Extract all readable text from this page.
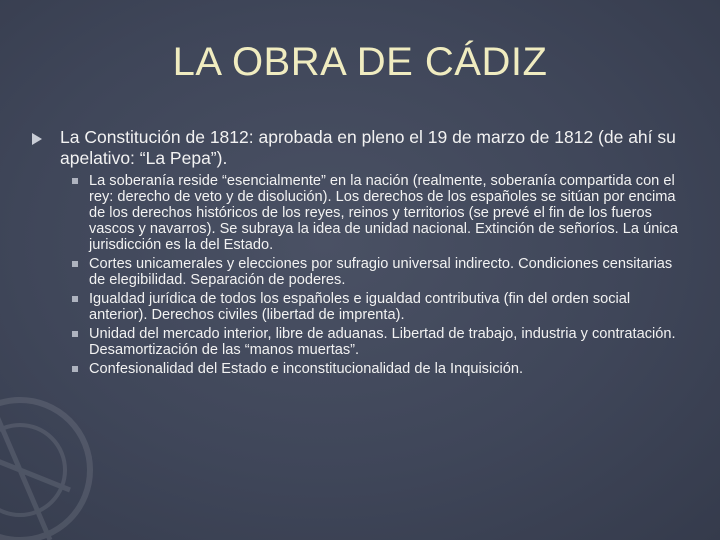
LA OBRA DE CÁDIZ
La Constitución de 1812: aprobada en pleno el 19 de marzo de 1812 (de ahí su apelativo: “La Pepa”).
La soberanía reside “esencialmente” en la nación (realmente, soberanía compartida con el rey: derecho de veto y de disolución). Los derechos de los españoles se sitúan por encima de los derechos históricos de los reyes, reinos y territorios (se prevé el fin de los fueros vascos y navarros). Se subraya la idea de unidad nacional. Extinción de señoríos. La única jurisdicción es la del Estado.
Cortes unicamerales y elecciones por sufragio universal indirecto. Condiciones censitarias de elegibilidad. Separación de poderes.
Igualdad jurídica de todos los españoles e igualdad contributiva (fin del orden social anterior). Derechos civiles (libertad de imprenta).
Unidad del mercado interior, libre de aduanas. Libertad de trabajo, industria y contratación. Desamortización de las “manos muertas”.
Confesionalidad del Estado e inconstitucionalidad de la Inquisición.
